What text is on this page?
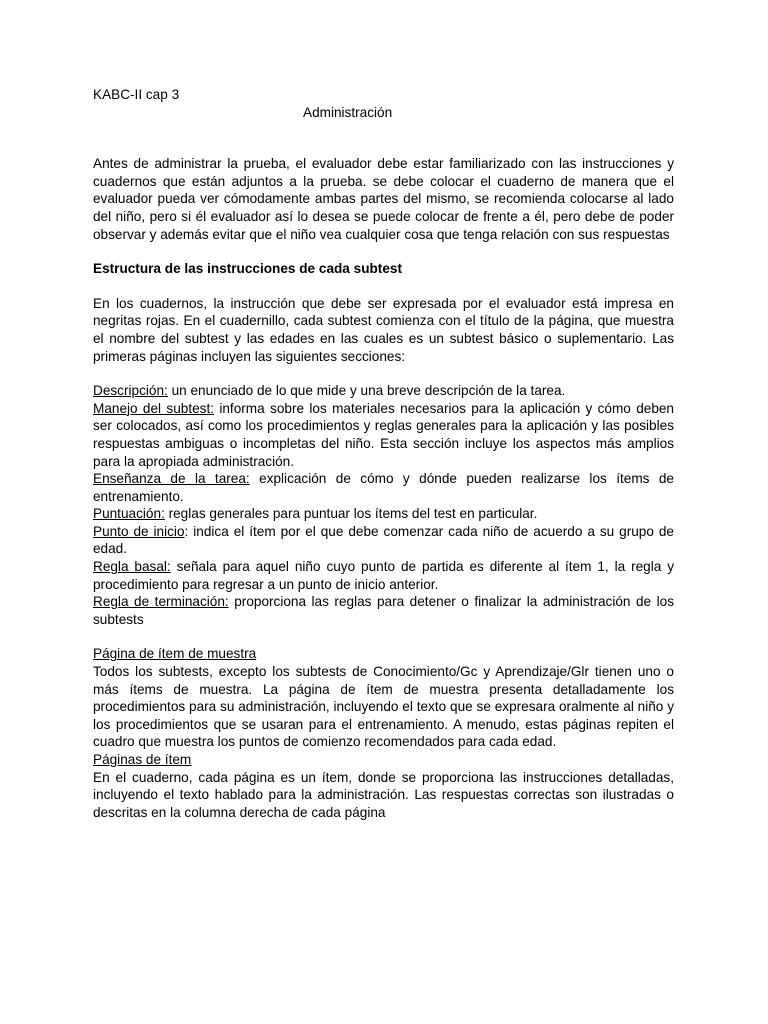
KABC-II cap 3

Administración

Antes de administrar la prueba, el evaluador debe estar familiarizado con las instrucciones y cuadernos que están adjuntos a la prueba. se debe colocar el cuaderno de manera que el evaluador pueda ver cómodamente ambas partes del mismo, se recomienda colocarse al lado del niño, pero si él evaluador así lo desea se puede colocar de frente a él, pero debe de poder observar y además evitar que el niño vea cualquier cosa que tenga relación con sus respuestas

Estructura de las instrucciones de cada subtest

En los cuadernos, la instrucción que debe ser expresada por el evaluador está impresa en negritas rojas. En el cuadernillo, cada subtest comienza con el título de la página, que muestra el nombre del subtest y las edades en las cuales es un subtest básico o suplementario. Las primeras páginas incluyen las siguientes secciones:

Descripción: un enunciado de lo que mide y una breve descripción de la tarea.

Manejo del subtest: informa sobre los materiales necesarios para la aplicación y cómo deben ser colocados, así como los procedimientos y reglas generales para la aplicación y las posibles respuestas ambiguas o incompletas del niño. Esta sección incluye los aspectos más amplios para la apropiada administración.

Enseñanza de la tarea: explicación de cómo y dónde pueden realizarse los ítems de entrenamiento.

Puntuación: reglas generales para puntuar los ítems del test en particular.

Punto de inicio: indica el ítem por el que debe comenzar cada niño de acuerdo a su grupo de edad.

Regla basal: señala para aquel niño cuyo punto de partida es diferente al ítem 1, la regla y procedimiento para regresar a un punto de inicio anterior.

Regla de terminación: proporciona las reglas para detener o finalizar la administración de los subtests

Página de ítem de muestra

Todos los subtests, excepto los subtests de Conocimiento/Gc y Aprendizaje/Glr tienen uno o más ítems de muestra. La página de ítem de muestra presenta detalladamente los procedimientos para su administración, incluyendo el texto que se expresara oralmente al niño y los procedimientos que se usaran para el entrenamiento. A menudo, estas páginas repiten el cuadro que muestra los puntos de comienzo recomendados para cada edad.

Páginas de ítem

En el cuaderno, cada página es un ítem, donde se proporciona las instrucciones detalladas, incluyendo el texto hablado para la administración. Las respuestas correctas son ilustradas o descritas en la columna derecha de cada página
